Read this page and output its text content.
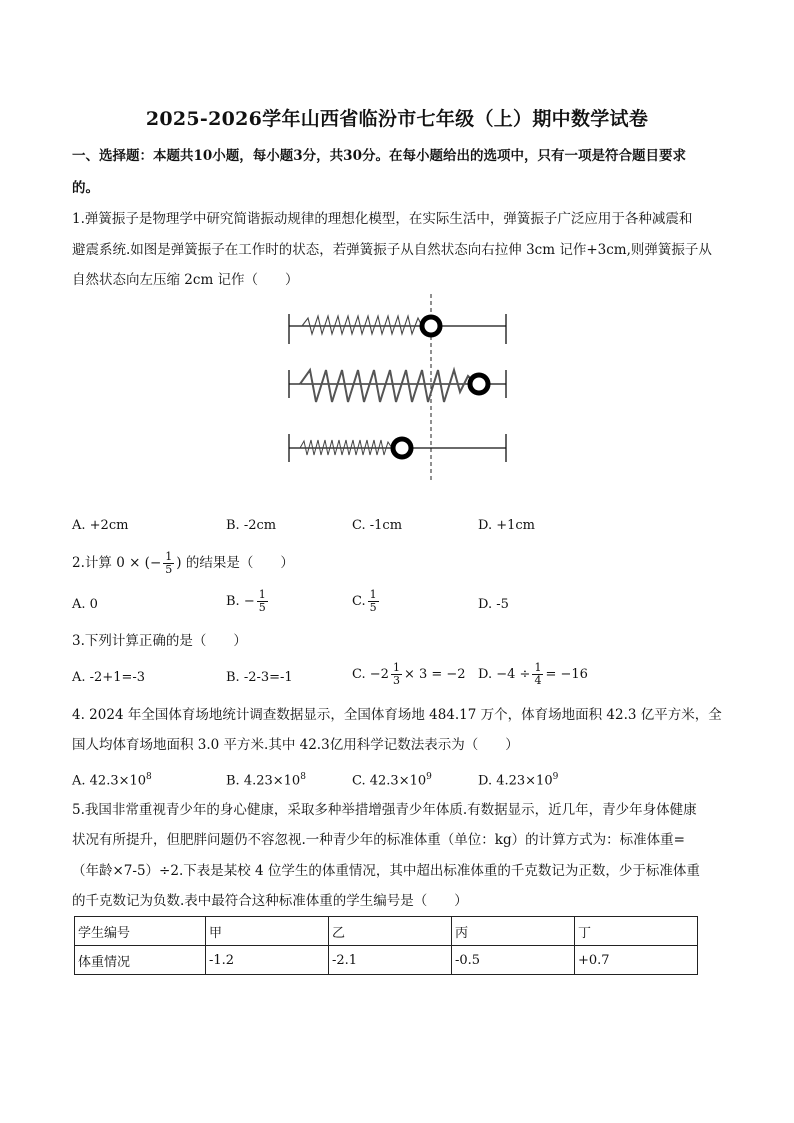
2025-2026学年山西省临汾市七年级（上）期中数学试卷
一、选择题：本题共10小题，每小题3分，共30分。在每小题给出的选项中，只有一项是符合题目要求
的。
1.弹簧振子是物理学中研究简谐振动规律的理想化模型，在实际生活中，弹簧振子广泛应用于各种减震和
避震系统.如图是弹簧振子在工作时的状态，若弹簧振子从自然状态向右拉伸 3cm 记作+3cm,则弹簧振子从
自然状态向左压缩 2cm 记作（　　）
A. +2cm	B. -2cm	C. -1cm	D. +1cm
2.计算 0 × (− $\frac{1}{5}$ ) 的结果是（　　）
A. 0	B. − $\frac{1}{5}$	C. $\frac{1}{5}$	D. -5
3.下列计算正确的是（　　）
A. -2+1=-3	B. -2-3=-1	C. $-2 \frac{1}{3} \times 3 = -2$ D. $-4 \div \frac{1}{4} = -16$
4. 2024 年全国体育场地统计调查数据显示，全国体育场地 484.17 万个，体育场地面积 42.3 亿平方米，全
国人均体育场地面积 3.0 平方米.其中 42.3亿用科学记数法表示为（　　）
A. $42.3\times 10^8$	B. $4.23\times 10^8$	C. $42.3\times 10^9$	D. $4.23\times 10^9$
5.我国非常重视青少年的身心健康，采取多种举措增强青少年体质.有数据显示，近几年，青少年身体健康
状况有所提升，但肥胖问题仍不容忽视.一种青少年的标准体重（单位：kg）的计算方式为：标准体重=
（年龄×7-5）÷2.下表是某校 4 位学生的体重情况，其中超出标准体重的千克数记为正数，少于标准体重
的千克数记为负数.表中最符合这种标准体重的学生编号是（　　）
学生编号	甲	乙	丙	丁
体重情况	-1.2	-2.1	-0.5	+0.7
